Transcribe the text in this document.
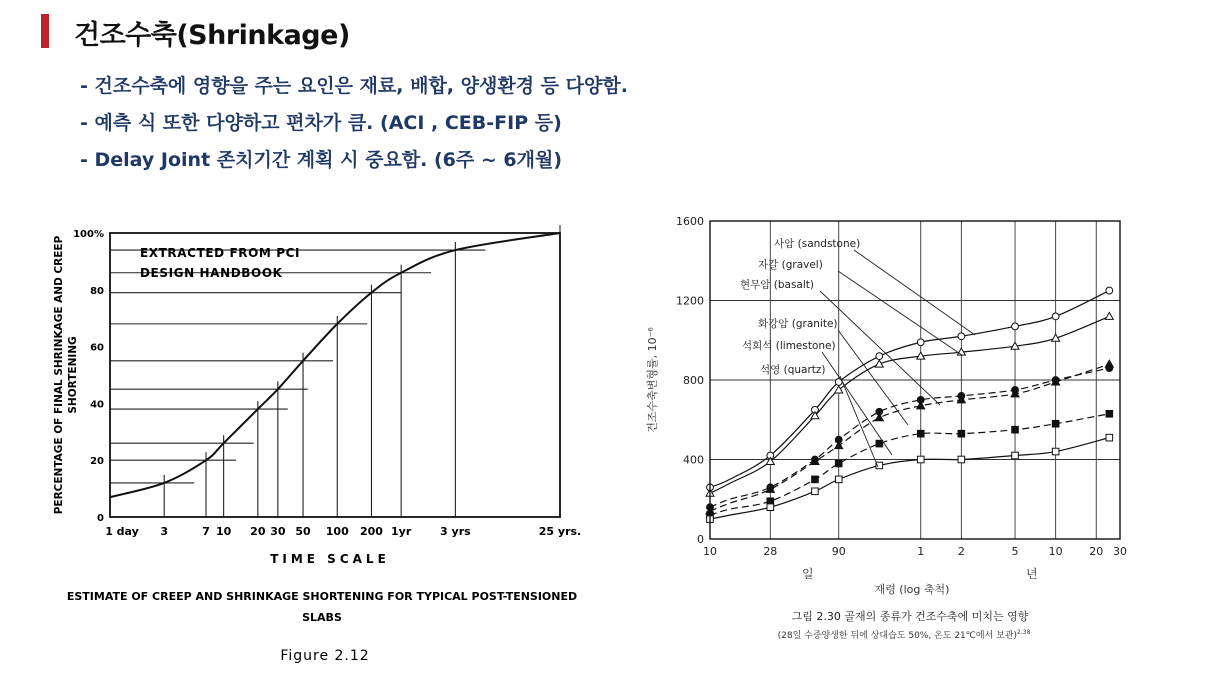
건조수축(Shrinkage)
- 건조수축에 영향을 주는 요인은 재료, 배합, 양생환경 등 다양함.
- 예측 식 또한 다양하고 편차가 큼. (ACI , CEB-FIP 등)
- Delay Joint 존치기간 계획 시 중요함. (6주 ~ 6개월)
0
20
40
60
80
100%
1 day 3	7 10 20 30 50 100 200 1yr	3 yrs	25 yrs.
PERCENTAGE OF FINAL SHRINKAGE AND CREEP SHORTENING
EXTRACTED FROM PCI
DESIGN HANDBOOK
TIME SCALE
ESTIMATE OF CREEP AND SHRINKAGE SHORTENING FOR TYPICAL POST-TENSIONED
SLABS
Figure 2.12
사암 (sandstone)
자갈 (gravel)
현무암 (basalt)
화강암 (granite)
석회석 (limestone)
석영 (quartz)
0
400
800
1200
1600
10	28	90	1	2	5	10 20 30
건조수축변형률, 10⁻⁶
일	년
재령 (log 축척)
그림 2.30 골재의 종류가 건조수축에 미치는 영향
(28일 수중양생한 뒤에 상대습도 50%, 온도 21℃에서 보관)$^{2.38}$
